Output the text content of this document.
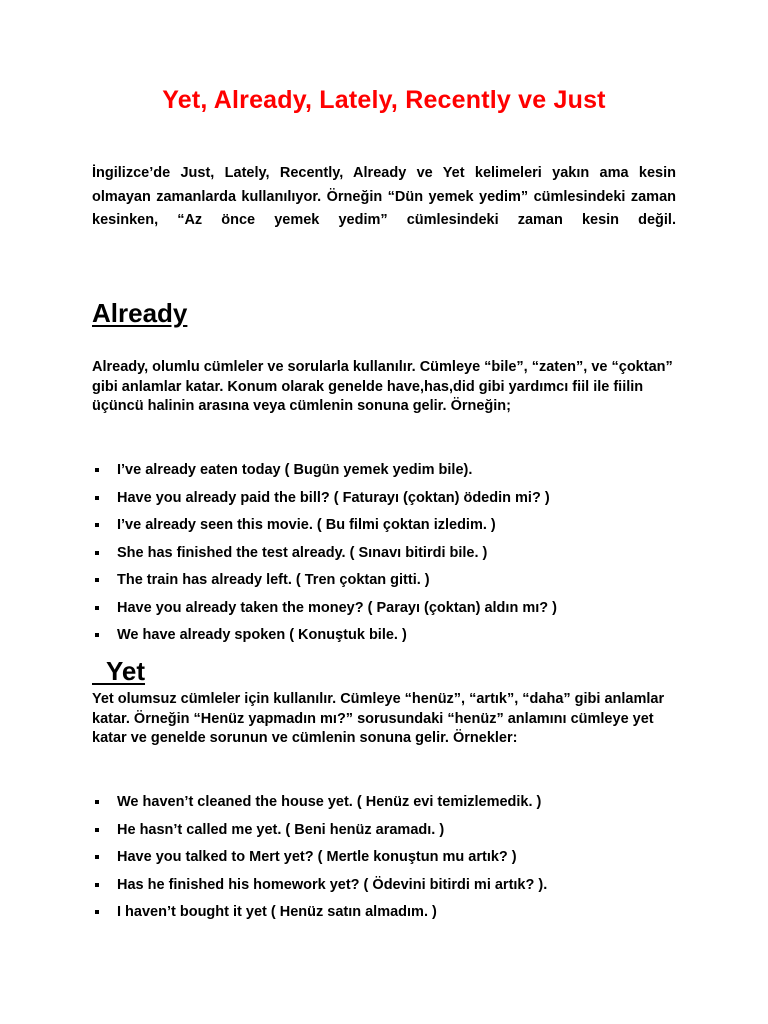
Yet, Already, Lately, Recently ve Just

İngilizce’de Just, Lately, Recently, Already ve Yet kelimeleri yakın ama kesin olmayan zamanlarda kullanılıyor. Örneğin “Dün yemek yedim” cümlesindeki zaman kesinken, “Az önce yemek yedim” cümlesindeki zaman kesin değil.

Already

Already, olumlu cümleler ve sorularla kullanılır. Cümleye “bile”, “zaten”, ve “çoktan” gibi anlamlar katar. Konum olarak genelde have,has,did gibi yardımcı fiil ile fiilin üçüncü halinin arasına veya cümlenin sonuna gelir. Örneğin;

I’ve already eaten today ( Bugün yemek yedim bile).
Have you already paid the bill? ( Faturayı (çoktan) ödedin mi? )
I’ve already seen this movie. ( Bu filmi çoktan izledim. )
She has finished the test already. ( Sınavı bitirdi bile. )
The train has already left. ( Tren çoktan gitti. )
Have you already taken the money? ( Parayı (çoktan) aldın mı? )
We have already spoken ( Konuştuk bile. )
Yet

Yet olumsuz cümleler için kullanılır. Cümleye “henüz”, “artık”, “daha” gibi anlamlar katar. Örneğin “Henüz yapmadın mı?” sorusundaki “henüz” anlamını cümleye yet katar ve genelde sorunun ve cümlenin sonuna gelir. Örnekler:

We haven’t cleaned the house yet. ( Henüz evi temizlemedik. )
He hasn’t called me yet. ( Beni henüz aramadı. )
Have you talked to Mert yet? ( Mertle konuştun mu artık? )
Has he finished his homework yet? ( Ödevini bitirdi mi artık? ).
I haven’t bought it yet ( Henüz satın almadım. )
